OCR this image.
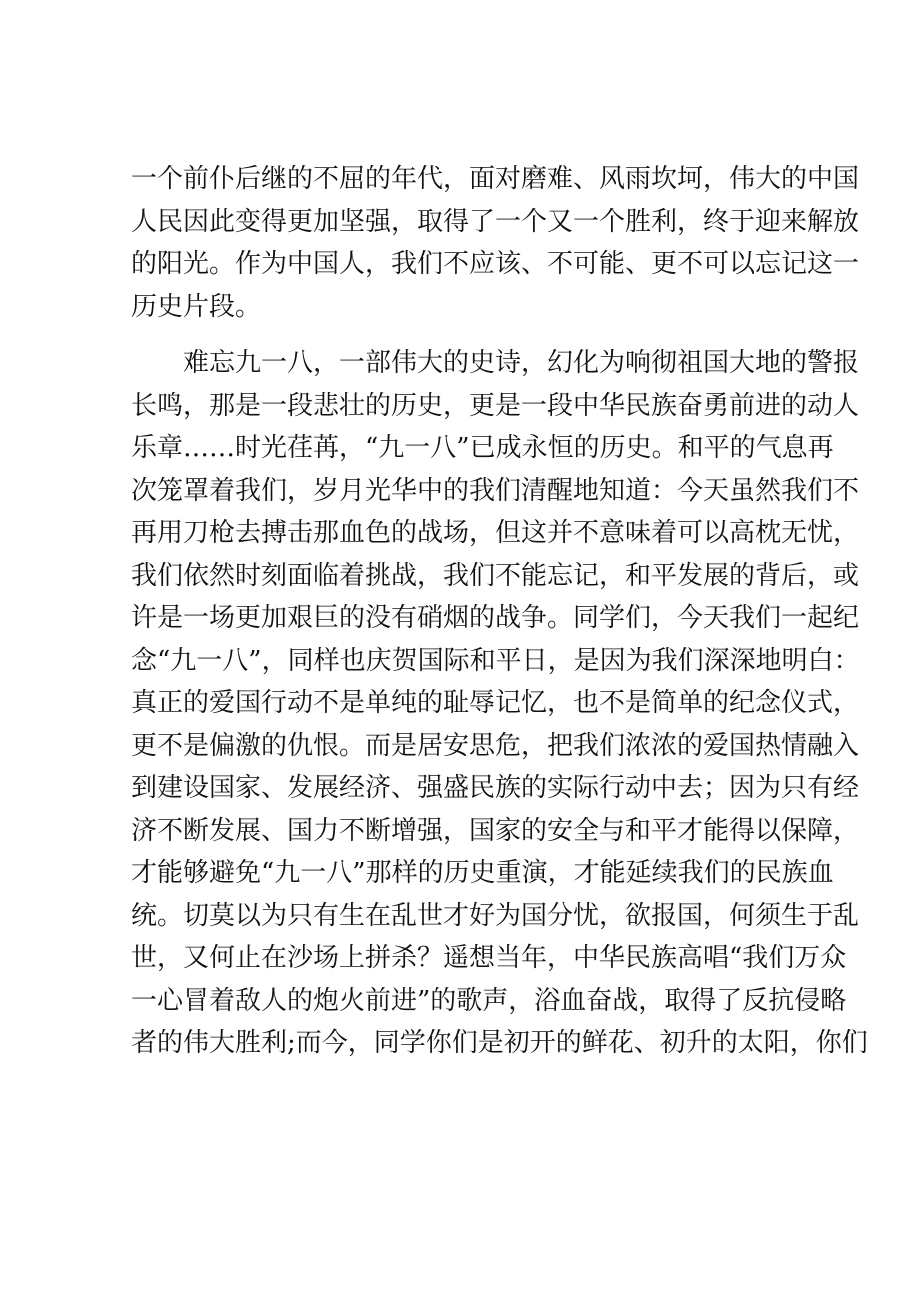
一个前仆后继的不屈的年代，面对磨难、风雨坎坷，伟大的中国
人民因此变得更加坚强，取得了一个又一个胜利，终于迎来解放
的阳光。作为中国人，我们不应该、不可能、更不可以忘记这一
历史片段。
难忘九一八，一部伟大的史诗，幻化为响彻祖国大地的警报
长鸣，那是一段悲壮的历史，更是一段中华民族奋勇前进的动人
乐章……时光荏苒，“九一八”已成永恒的历史。和平的气息再
次笼罩着我们，岁月光华中的我们清醒地知道：今天虽然我们不
再用刀枪去搏击那血色的战场，但这并不意味着可以高枕无忧，
我们依然时刻面临着挑战，我们不能忘记，和平发展的背后，或
许是一场更加艰巨的没有硝烟的战争。同学们，今天我们一起纪
念“九一八”，同样也庆贺国际和平日，是因为我们深深地明白：
真正的爱国行动不是单纯的耻辱记忆，也不是简单的纪念仪式，
更不是偏激的仇恨。而是居安思危，把我们浓浓的爱国热情融入
到建设国家、发展经济、强盛民族的实际行动中去；因为只有经
济不断发展、国力不断增强，国家的安全与和平才能得以保障，
才能够避免“九一八”那样的历史重演，才能延续我们的民族血
统。切莫以为只有生在乱世才好为国分忧，欲报国，何须生于乱
世，又何止在沙场上拼杀？遥想当年，中华民族高唱“我们万众
一心冒着敌人的炮火前进”的歌声，浴血奋战，取得了反抗侵略
者的伟大胜利;而今，同学你们是初开的鲜花、初升的太阳，你们
